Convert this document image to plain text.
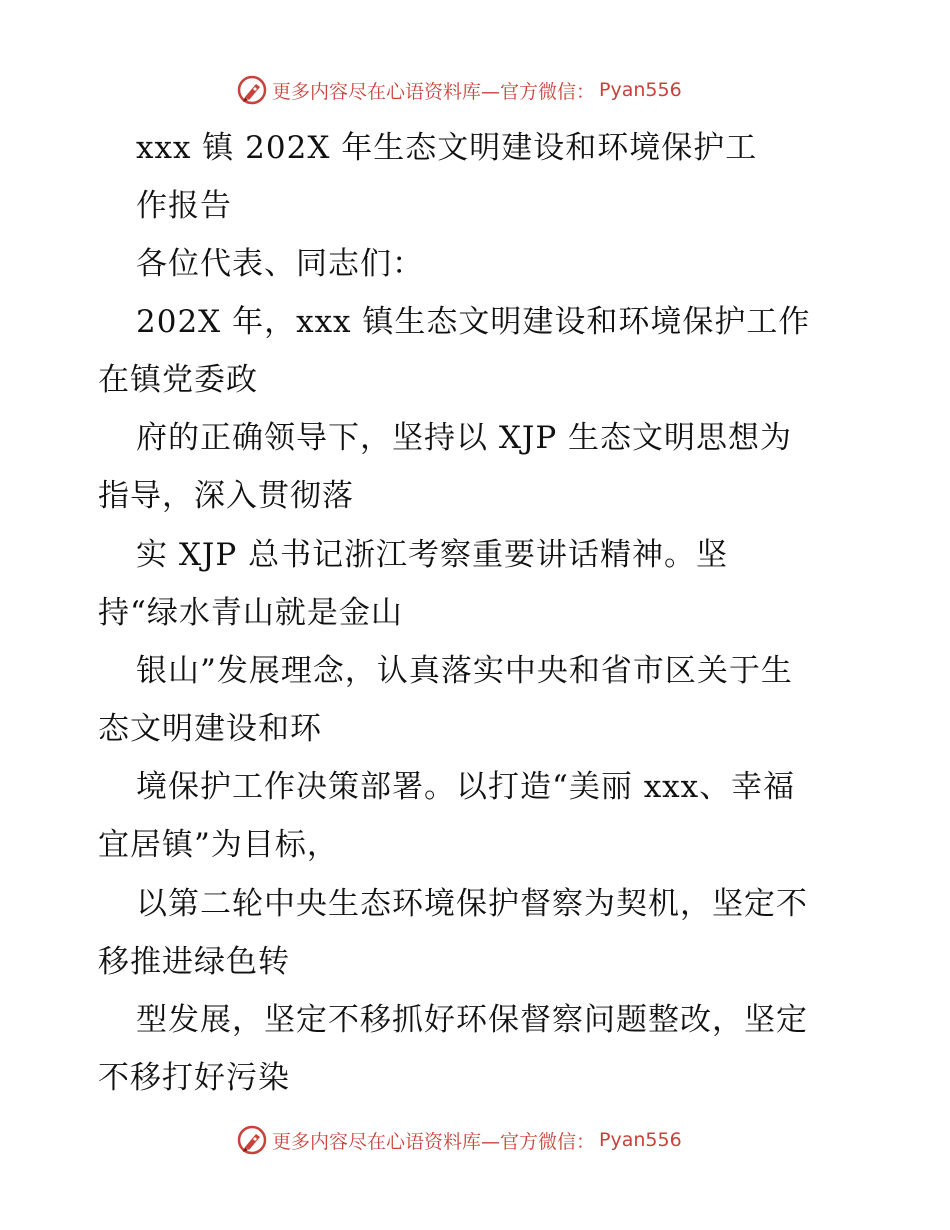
更多内容尽在心语资料库—官方微信： Pyan556
xxx 镇 202X 年生态文明建设和环境保护工
作报告
各位代表、同志们：
202X 年，xxx 镇生态文明建设和环境保护工作
在镇党委政
府的正确领导下，坚持以 XJP 生态文明思想为
指导，深入贯彻落
实 XJP 总书记浙江考察重要讲话精神。坚
持“绿水青山就是金山
银山”发展理念，认真落实中央和省市区关于生
态文明建设和环
境保护工作决策部署。以打造“美丽 xxx、幸福
宜居镇”为目标，
以第二轮中央生态环境保护督察为契机，坚定不
移推进绿色转
型发展，坚定不移抓好环保督察问题整改，坚定
不移打好污染
更多内容尽在心语资料库—官方微信： Pyan556
